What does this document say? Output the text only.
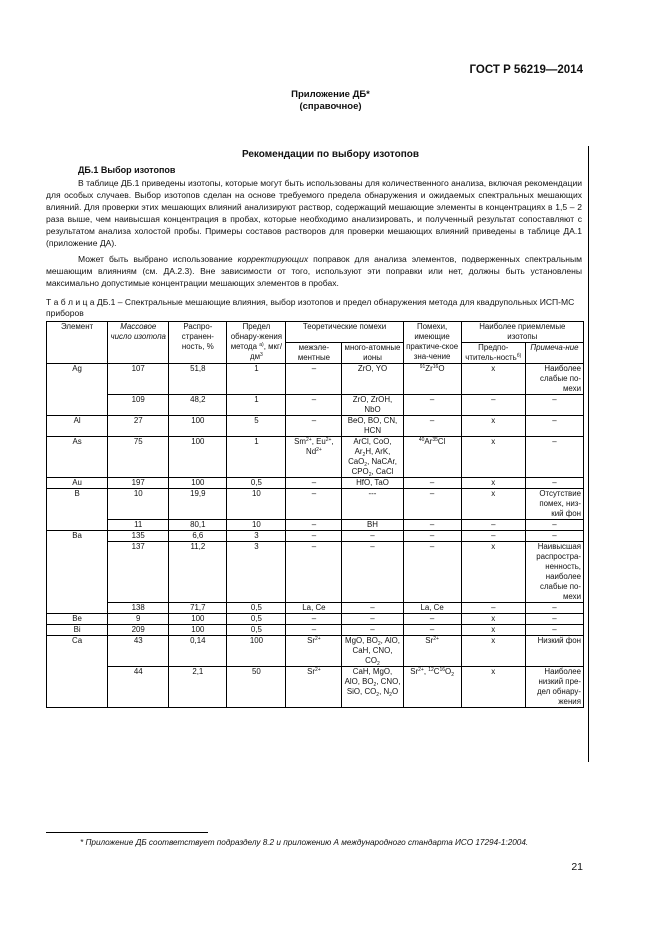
ГОСТ Р 56219—2014
Приложение ДБ*
(справочное)
Рекомендации по выбору изотопов
ДБ.1 Выбор изотопов

В таблице ДБ.1 приведены изотопы, которые могут быть использованы для количественного анализа, включая рекомендации для особых случаев. Выбор изотопов сделан на основе требуемого предела обнаружения и ожидаемых спектральных мешающих влияний. Для проверки этих мешающих влияний анализируют раствор, содержащий мешающие элементы в концентрациях в 1,5 – 2 раза выше, чем наивысшая концентрация в пробах, которые необходимо анализировать, и полученный результат сопоставляют с результатом анализа холостой пробы. Примеры составов растворов для проверки мешающих влияний приведены в таблице ДА.1 (приложение ДА).

Может быть выбрано использование корректирующих поправок для анализа элементов, подверженных спектральным мешающим влияниям (см. ДА.2.3). Вне зависимости от того, используют эти поправки или нет, должны быть установлены максимально допустимые концентрации мешающих элементов в пробах.

Т а б л и ц а ДБ.1 – Спектральные мешающие влияния, выбор изотопов и предел обнаружения метода для квадрупольных ИСП-МС приборов

Элемент	Массовое число изотопа	Распро-странен-ность, %	Предел обнару-жения метода $^{а)}$, мкг/$дм^3$	Теоретические помехи		Помехи, имеющие практиче-ское зна-чение	Наиболее приемлемые изотопы	
				межэле-ментные	много-атомные ионы		Предпо-чтитель-ность$^{б)}$	Примеча-ние
Ag	107	51,8	1	–	ZrO, YO	$^{91}$Zr$^{16}$O	x	Наиболее слабые по-мехи
	109	48,2	1	–	ZrO, ZrOH, NbO	–	–	–
Al	27	100	5	–	BeO, BO, CN, HCN	–	x	–
As	75	100	1	$Sm^{2+}$, $Eu^{2+}$, $Nd^{2+}$	ArCl, CoO, $Ar_2H$, ArK, CaO$_2$, NaCAr, $CPO_2$, CaCl	$^{40}$Ar$^{35}$Cl	x	–
Au	197	100	0,5	–	HfO, TaO	–	x	–
B	10	19,9	10	–	---	–	x	Отсутствие помех, низ-кий фон
	11	80,1	10	–	BH	–	–	–
Ba	135	6,6	3	–	–	–	–	–
	137	11,2	3	–	–	–	x	Наивысшая распростра-ненность, наиболее слабые по-мехи
	138	71,7	0,5	La, Ce	–	La, Ce	–	–
Be	9	100	0,5	–	–	–	x	–
Bi	209	100	0,5	–	–	–	x	–
Ca	43	0,14	100	$Sr^{2+}$	MgO, $BO_2$, AlO, CaH, CNO, $CO_2$	$Sr^{2+}$	x	Низкий фон
	44	2,1	50	$Sr^{2+}$	CaH, MgO, AlO, $BO_2$, CNO, SiO, $CO_2$, $N_2O$	$Sr^{2+}$, $^{12}C^{16}O_2$	x	Наиболее низкий пре-дел обнару-жения

* Приложение ДБ соответствует подразделу 8.2 и приложению А международного стандарта ИСО 17294-1:2004.

21
